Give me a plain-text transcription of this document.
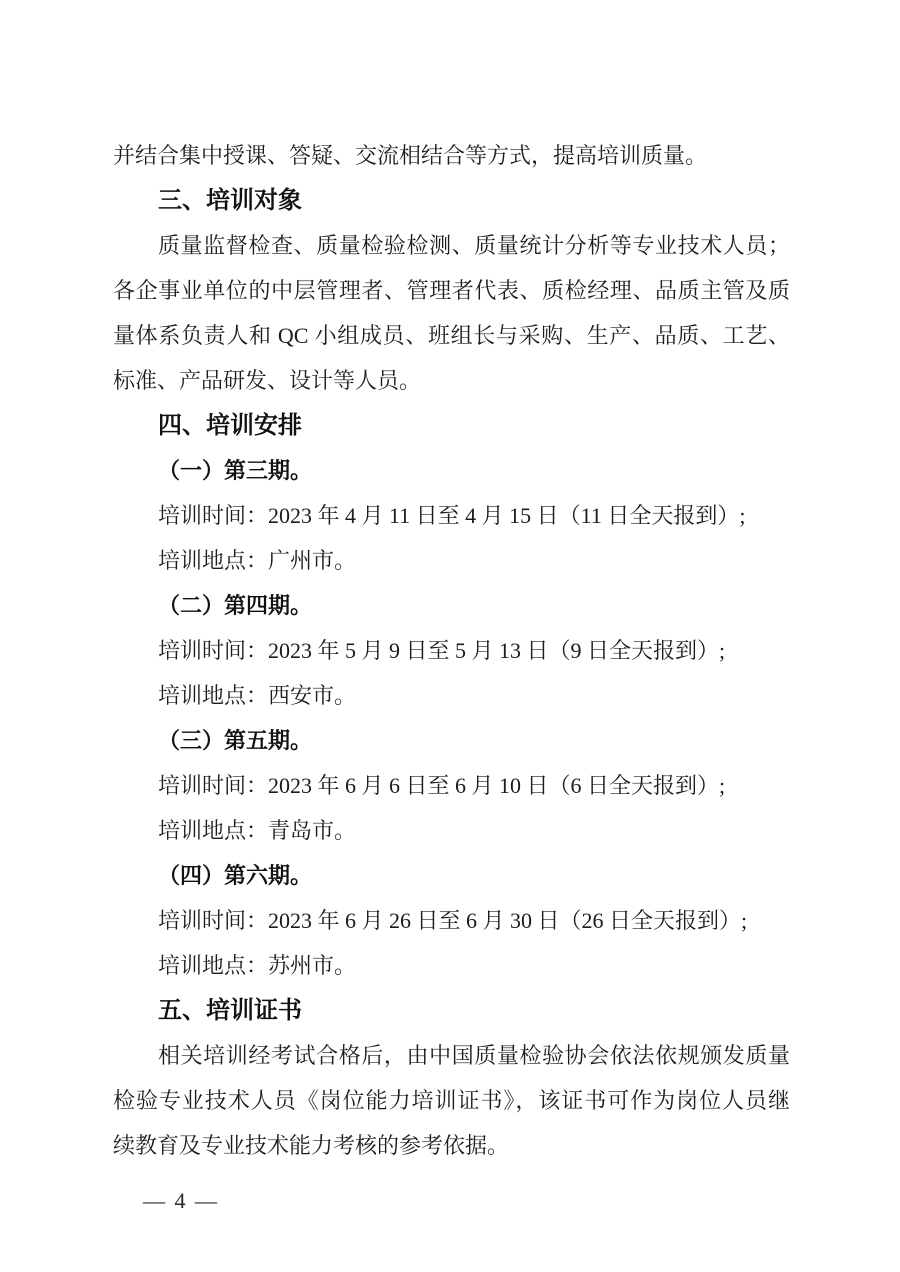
并结合集中授课、答疑、交流相结合等方式，提高培训质量。
三、培训对象
质量监督检查、质量检验检测、质量统计分析等专业技术人员；
各企事业单位的中层管理者、管理者代表、质检经理、品质主管及质
量体系负责人和 QC 小组成员、班组长与采购、生产、品质、工艺、
标准、产品研发、设计等人员。
四、培训安排
（一）第三期。
培训时间：2023 年 4 月 11 日至 4 月 15 日（11 日全天报到）;
培训地点：广州市。
（二）第四期。
培训时间：2023 年 5 月 9 日至 5 月 13 日（9 日全天报到）;
培训地点：西安市。
（三）第五期。
培训时间：2023 年 6 月 6 日至 6 月 10 日（6 日全天报到）;
培训地点：青岛市。
（四）第六期。
培训时间：2023 年 6 月 26 日至 6 月 30 日（26 日全天报到）;
培训地点：苏州市。
五、培训证书
相关培训经考试合格后，由中国质量检验协会依法依规颁发质量
检验专业技术人员《岗位能力培训证书》，该证书可作为岗位人员继
续教育及专业技术能力考核的参考依据。
— 4 —
